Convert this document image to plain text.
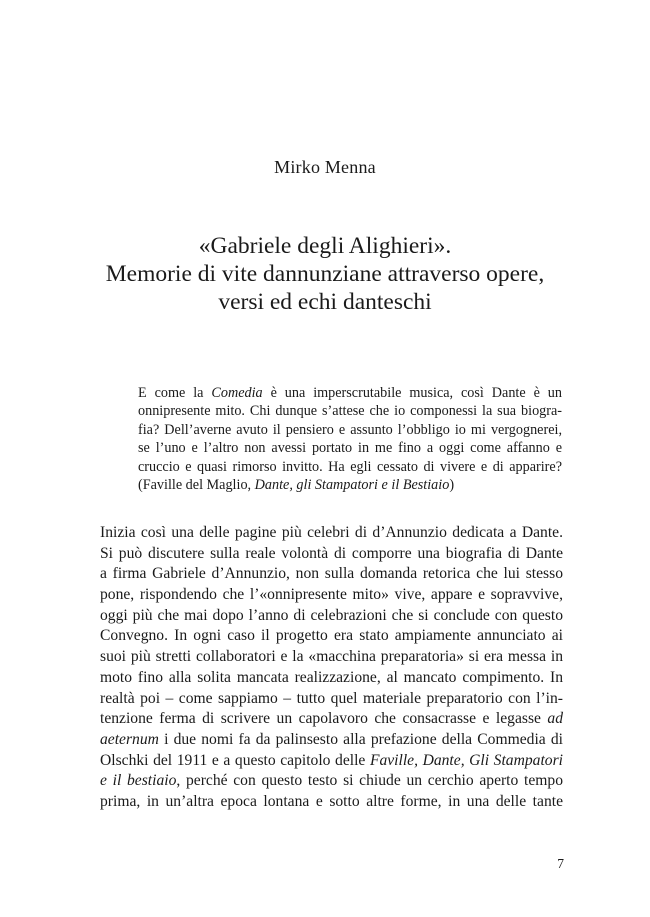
Mirko Menna
«Gabriele degli Alighieri».
Memorie di vite dannunziane attraverso opere,
versi ed echi danteschi
E come la Comedia è una imperscrutabile musica, così Dante è un
onnipresente mito. Chi dunque s’attese che io componessi la sua biogra-
fia? Dell’averne avuto il pensiero e assunto l’obbligo io mi vergognerei,
se l’uno e l’altro non avessi portato in me fino a oggi come affanno e
cruccio e quasi rimorso invitto. Ha egli cessato di vivere e di apparire?
(Faville del Maglio, Dante, gli Stampatori e il Bestiaio)
Inizia così una delle pagine più celebri di d’Annunzio dedicata a Dante.
Si può discutere sulla reale volontà di comporre una biografia di Dante
a firma Gabriele d’Annunzio, non sulla domanda retorica che lui stesso
pone, rispondendo che l’«onnipresente mito» vive, appare e sopravvive,
oggi più che mai dopo l’anno di celebrazioni che si conclude con questo
Convegno. In ogni caso il progetto era stato ampiamente annunciato ai
suoi più stretti collaboratori e la «macchina preparatoria» si era messa in
moto fino alla solita mancata realizzazione, al mancato compimento. In
realtà poi – come sappiamo – tutto quel materiale preparatorio con l’in-
tenzione ferma di scrivere un capolavoro che consacrasse e legasse ad
aeternum i due nomi fa da palinsesto alla prefazione della Commedia di
Olschki del 1911 e a questo capitolo delle Faville, Dante, Gli Stampatori
e il bestiaio, perché con questo testo si chiude un cerchio aperto tempo
prima, in un’altra epoca lontana e sotto altre forme, in una delle tante
7
